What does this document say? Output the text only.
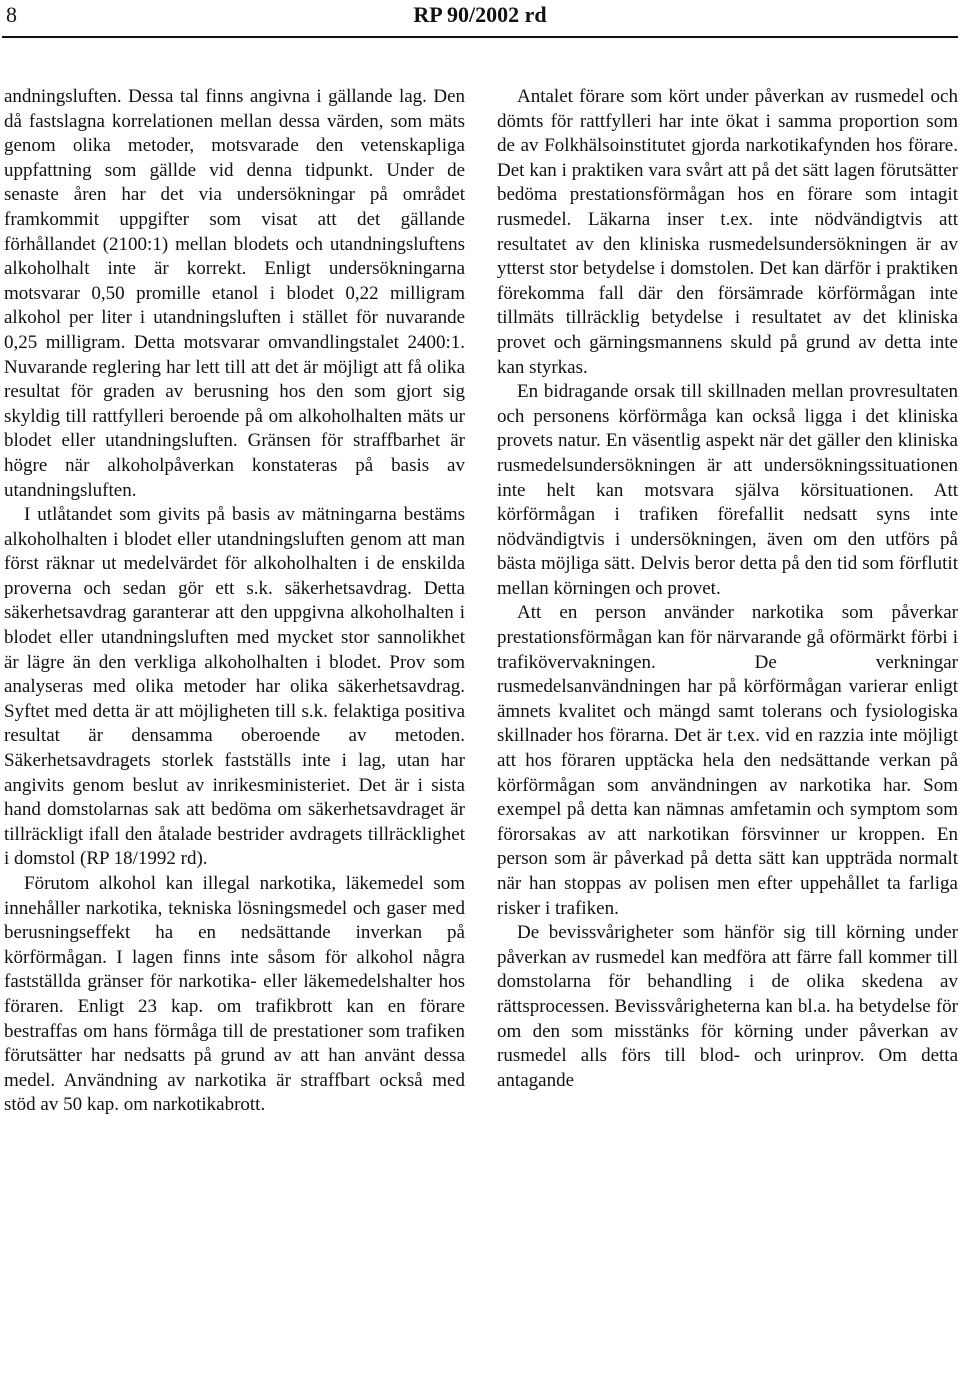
8	RP 90/2002 rd

andningsluften. Dessa tal finns angivna i gällande lag. Den då fastslagna korrelationen mellan dessa värden, som mäts genom olika metoder, motsvarade den vetenskapliga uppfattning som gällde vid denna tidpunkt. Under de senaste åren har det via undersökningar på området framkommit uppgifter som visat att det gällande förhållandet (2100:1) mellan blodets och utandningsluftens alkoholhalt inte är korrekt. Enligt undersökningarna motsvarar 0,50 promille etanol i blodet 0,22 milligram alkohol per liter i utandningsluften i stället för nuvarande 0,25 milligram. Detta motsvarar omvandlingstalet 2400:1. Nuvarande reglering har lett till att det är möjligt att få olika resultat för graden av berusning hos den som gjort sig skyldig till rattfylleri beroende på om alkoholhalten mäts ur blodet eller utandningsluften. Gränsen för straffbarhet är högre när alkoholpåverkan konstateras på basis av utandningsluften.

I utlåtandet som givits på basis av mätningarna bestäms alkoholhalten i blodet eller utandningsluften genom att man först räknar ut medelvärdet för alkoholhalten i de enskilda proverna och sedan gör ett s.k. säkerhetsavdrag. Detta säkerhetsavdrag garanterar att den uppgivna alkoholhalten i blodet eller utandningsluften med mycket stor sannolikhet är lägre än den verkliga alkoholhalten i blodet. Prov som analyseras med olika metoder har olika säkerhetsavdrag. Syftet med detta är att möjligheten till s.k. felaktiga positiva resultat är densamma oberoende av metoden. Säkerhetsavdragets storlek fastställs inte i lag, utan har angivits genom beslut av inrikesministeriet. Det är i sista hand domstolarnas sak att bedöma om säkerhetsavdraget är tillräckligt ifall den åtalade bestrider avdragets tillräcklighet i domstol (RP 18/1992 rd).

Förutom alkohol kan illegal narkotika, läkemedel som innehåller narkotika, tekniska lösningsmedel och gaser med berusningseffekt ha en nedsättande inverkan på körförmågan. I lagen finns inte såsom för alkohol några fastställda gränser för narkotika- eller läkemedelshalter hos föraren. Enligt 23 kap. om trafikbrott kan en förare bestraffas om hans förmåga till de prestationer som trafiken förutsätter har nedsatts på grund av att han använt dessa medel. Användning av narkotika är straffbart också med stöd av 50 kap. om narkotikabrott.

Antalet förare som kört under påverkan av rusmedel och dömts för rattfylleri har inte ökat i samma proportion som de av Folkhälsoinstitutet gjorda narkotikafynden hos förare. Det kan i praktiken vara svårt att på det sätt lagen förutsätter bedöma prestationsförmågan hos en förare som intagit rusmedel. Läkarna inser t.ex. inte nödvändigtvis att resultatet av den kliniska rusmedelsundersökningen är av ytterst stor betydelse i domstolen. Det kan därför i praktiken förekomma fall där den försämrade körförmågan inte tillmäts tillräcklig betydelse i resultatet av det kliniska provet och gärningsmannens skuld på grund av detta inte kan styrkas.

En bidragande orsak till skillnaden mellan provresultaten och personens körförmåga kan också ligga i det kliniska provets natur. En väsentlig aspekt när det gäller den kliniska rusmedelsundersökningen är att undersökningssituationen inte helt kan motsvara själva körsituationen. Att körförmågan i trafiken förefallit nedsatt syns inte nödvändigtvis i undersökningen, även om den utförs på bästa möjliga sätt. Delvis beror detta på den tid som förflutit mellan körningen och provet.

Att en person använder narkotika som påverkar prestationsförmågan kan för närvarande gå oförmärkt förbi i trafikövervakningen. De verkningar rusmedelsanvändningen har på körförmågan varierar enligt ämnets kvalitet och mängd samt tolerans och fysiologiska skillnader hos förarna. Det är t.ex. vid en razzia inte möjligt att hos föraren upptäcka hela den nedsättande verkan på körförmågan som användningen av narkotika har. Som exempel på detta kan nämnas amfetamin och symptom som förorsakas av att narkotikan försvinner ur kroppen. En person som är påverkad på detta sätt kan uppträda normalt när han stoppas av polisen men efter uppehållet ta farliga risker i trafiken.

De bevissvårigheter som hänför sig till körning under påverkan av rusmedel kan medföra att färre fall kommer till domstolarna för behandling i de olika skedena av rättsprocessen. Bevissvårigheterna kan bl.a. ha betydelse för om den som misstänks för körning under påverkan av rusmedel alls förs till blod- och urinprov. Om detta antagande
